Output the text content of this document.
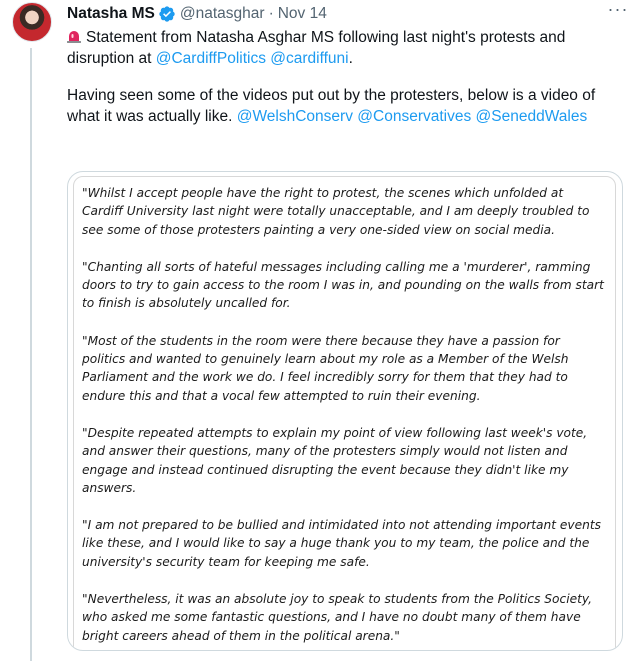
Natasha MS @natasghar · Nov 14	···

Statement from Natasha Asghar MS following last night's protests and disruption at @CardiffPolitics @cardiffuni.

Having seen some of the videos put out by the protesters, below is a video of what it was actually like. @WelshConserv @Conservatives @SeneddWales

"Whilst I accept people have the right to protest, the scenes which unfolded at Cardiff University last night were totally unacceptable, and I am deeply troubled to see some of those protesters painting a very one-sided view on social media.

"Chanting all sorts of hateful messages including calling me a 'murderer', ramming doors to try to gain access to the room I was in, and pounding on the walls from start to finish is absolutely uncalled for.

"Most of the students in the room were there because they have a passion for politics and wanted to genuinely learn about my role as a Member of the Welsh Parliament and the work we do. I feel incredibly sorry for them that they had to endure this and that a vocal few attempted to ruin their evening.

"Despite repeated attempts to explain my point of view following last week's vote, and answer their questions, many of the protesters simply would not listen and engage and instead continued disrupting the event because they didn't like my answers.

"I am not prepared to be bullied and intimidated into not attending important events like these, and I would like to say a huge thank you to my team, the police and the university's security team for keeping me safe.

"Nevertheless, it was an absolute joy to speak to students from the Politics Society, who asked me some fantastic questions, and I have no doubt many of them have bright careers ahead of them in the political arena."
